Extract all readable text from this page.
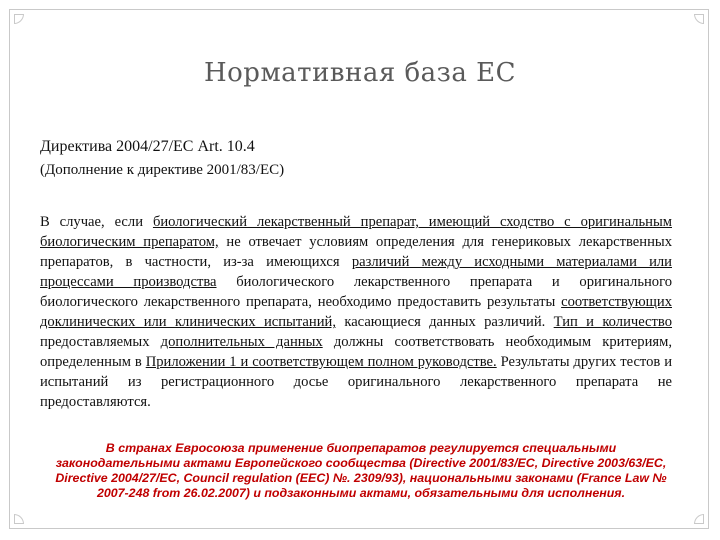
Нормативная база ЕС
Директива 2004/27/ЕС Art. 10.4
(Дополнение к директиве 2001/83/ЕС)
В случае, если биологический лекарственный препарат, имеющий сходство с оригинальным биологическим препаратом, не отвечает условиям определения для генериковых лекарственных препаратов, в частности, из-за имеющихся различий между исходными материалами или процессами производства биологического лекарственного препарата и оригинального биологического лекарственного препарата, необходимо предоставить результаты соответствующих доклинических или клинических испытаний, касающиеся данных различий. Тип и количество предоставляемых дополнительных данных должны соответствовать необходимым критериям, определенным в Приложении 1 и соответствующем полном руководстве. Результаты других тестов и испытаний из регистрационного досье оригинального лекарственного препарата не предоставляются.
В странах Евросоюза применение биопрепаратов регулируется специальными законодательными актами Европейского сообщества (Directive 2001/83/EC, Directive 2003/63/EC, Directive 2004/27/EC, Council regulation (EEC) №. 2309/93), национальными законами (France Law № 2007-248 from 26.02.2007) и подзаконными актами, обязательными для исполнения.
